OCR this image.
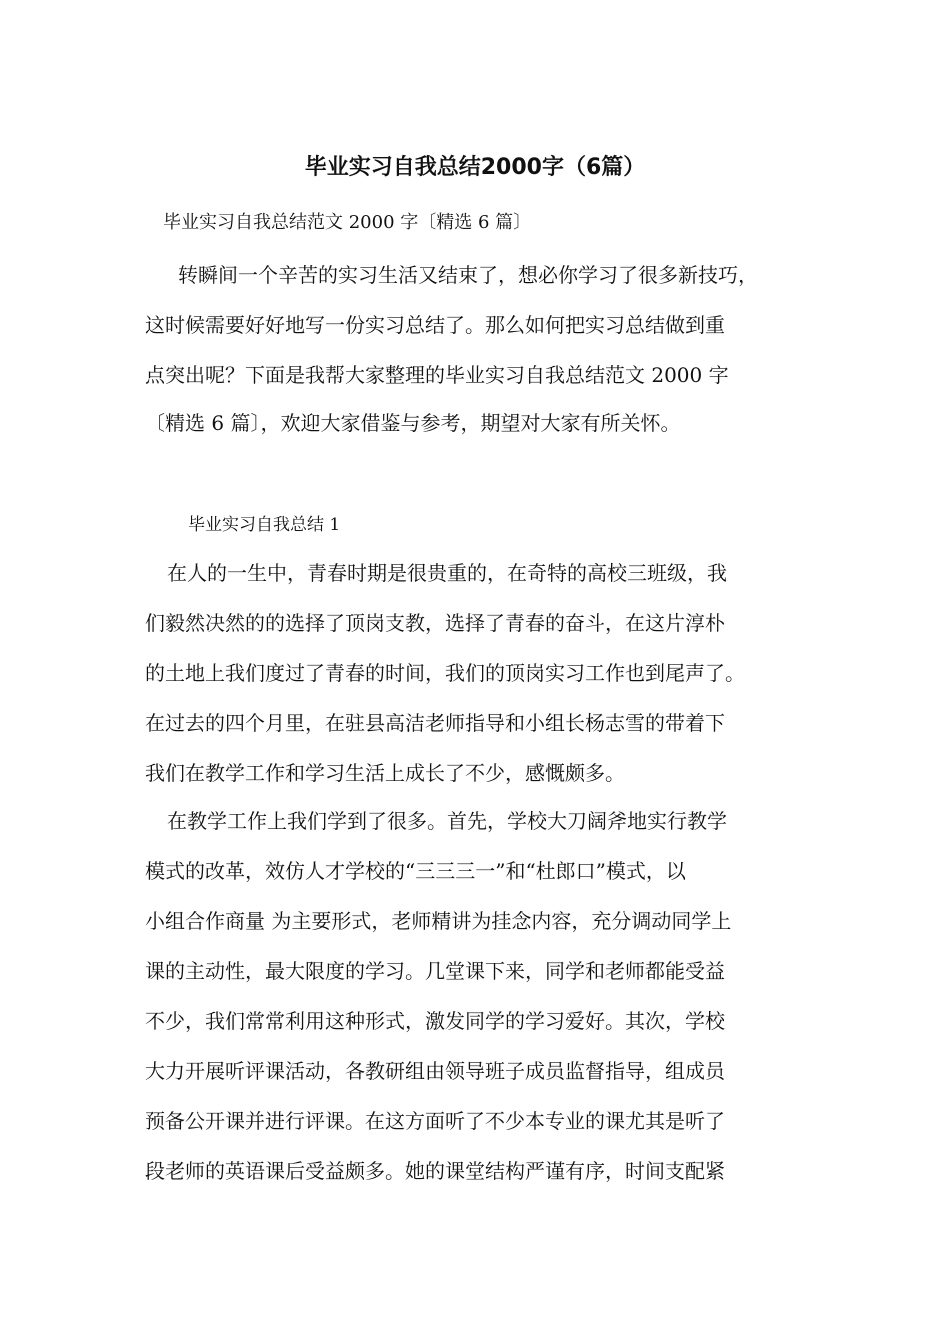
毕业实习自我总结2000字（6篇）
毕业实习自我总结范文 2000 字〔精选 6 篇〕
转瞬间一个辛苦的实习生活又结束了，想必你学习了很多新技巧，
这时候需要好好地写一份实习总结了。那么如何把实习总结做到重
点突出呢？下面是我帮大家整理的毕业实习自我总结范文 2000 字
〔精选 6 篇〕，欢迎大家借鉴与参考，期望对大家有所关怀。
毕业实习自我总结 1
在人的一生中，青春时期是很贵重的，在奇特的高校三班级，我
们毅然决然的的选择了顶岗支教，选择了青春的奋斗，在这片淳朴
的土地上我们度过了青春的时间，我们的顶岗实习工作也到尾声了。
在过去的四个月里，在驻县高洁老师指导和小组长杨志雪的带着下
我们在教学工作和学习生活上成长了不少，感慨颇多。
在教学工作上我们学到了很多。首先，学校大刀阔斧地实行教学
模式的改革，效仿人才学校的“三三三一”和“杜郎口”模式，以
小组合作商量 为主要形式，老师精讲为挂念内容，充分调动同学上
课的主动性，最大限度的学习。几堂课下来，同学和老师都能受益
不少，我们常常利用这种形式，激发同学的学习爱好。其次，学校
大力开展听评课活动，各教研组由领导班子成员监督指导，组成员
预备公开课并进行评课。在这方面听了不少本专业的课尤其是听了
段老师的英语课后受益颇多。她的课堂结构严谨有序，时间支配紧
